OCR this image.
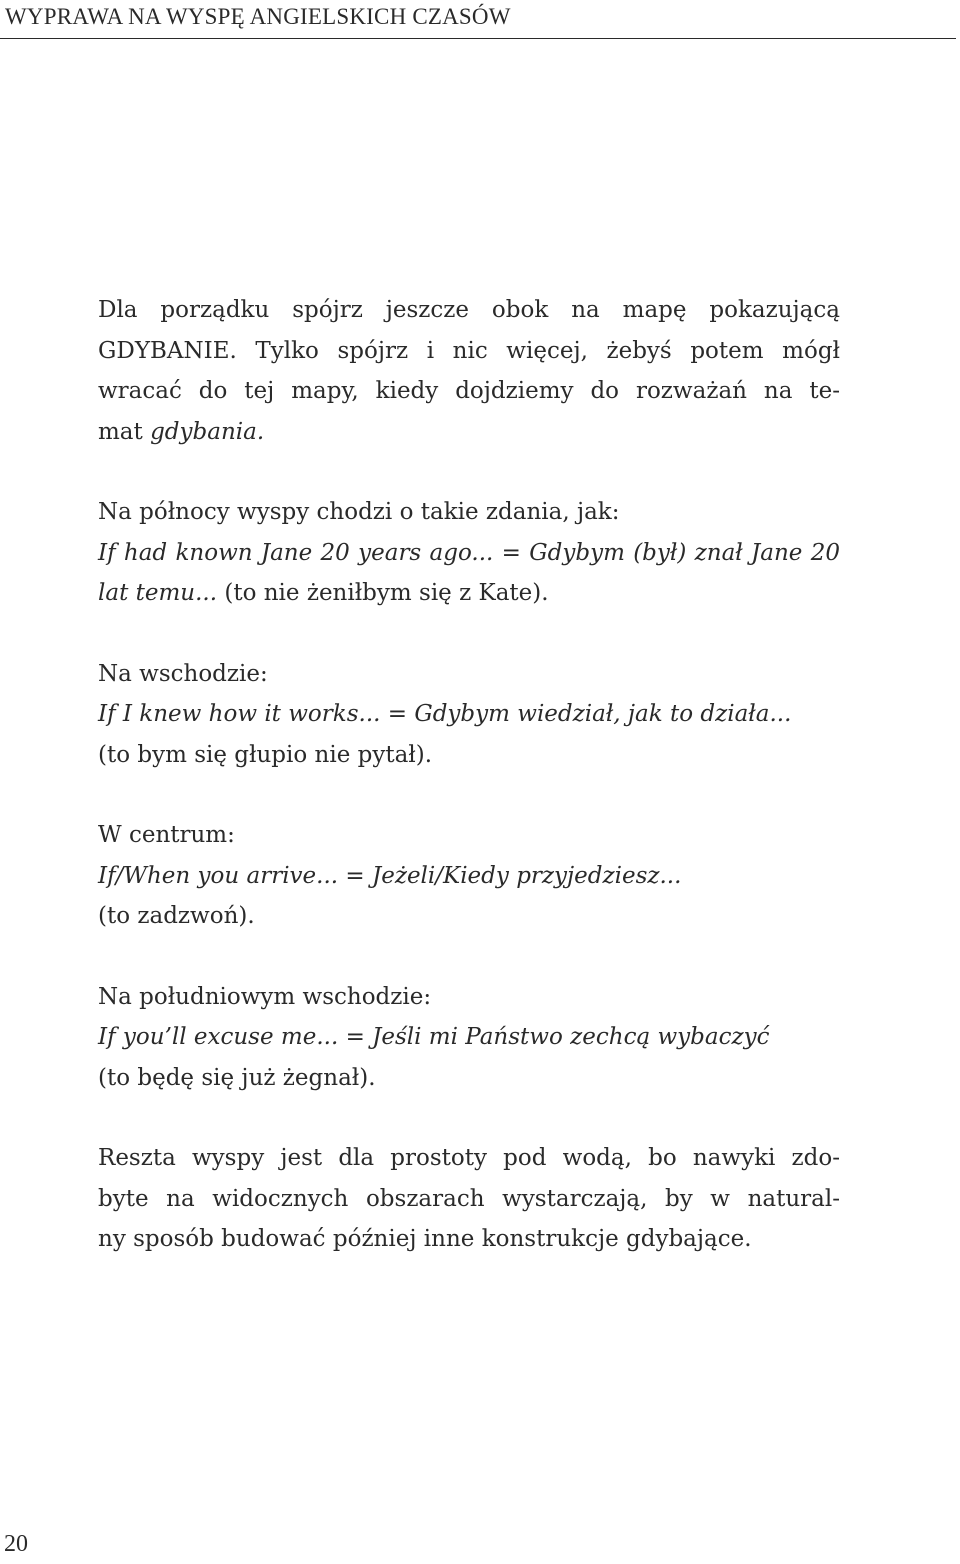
WYPRAWA NA WYSPĘ ANGIELSKICH CZASÓW

Dla porządku spójrz jeszcze obok na mapę pokazującą
GDYBANIE. Tylko spójrz i nic więcej, żebyś potem mógł
wracać do tej mapy, kiedy dojdziemy do rozważań na te-
mat gdybania.

Na północy wyspy chodzi o takie zdania, jak:
If had known Jane 20 years ago... = Gdybym (był) znał Jane 20 lat temu... (to nie żeniłbym się z Kate).

Na wschodzie:
If I knew how it works... = Gdybym wiedział, jak to działa...
(to bym się głupio nie pytał).

W centrum:
If/When you arrive... = Jeżeli/Kiedy przyjedziesz...
(to zadzwoń).

Na południowym wschodzie:
If you’ll excuse me... = Jeśli mi Państwo zechcą wybaczyć
(to będę się już żegnał).

Reszta wyspy jest dla prostoty pod wodą, bo nawyki zdo-
byte na widocznych obszarach wystarczają, by w natural-
ny sposób budować później inne konstrukcje gdybające.

20
